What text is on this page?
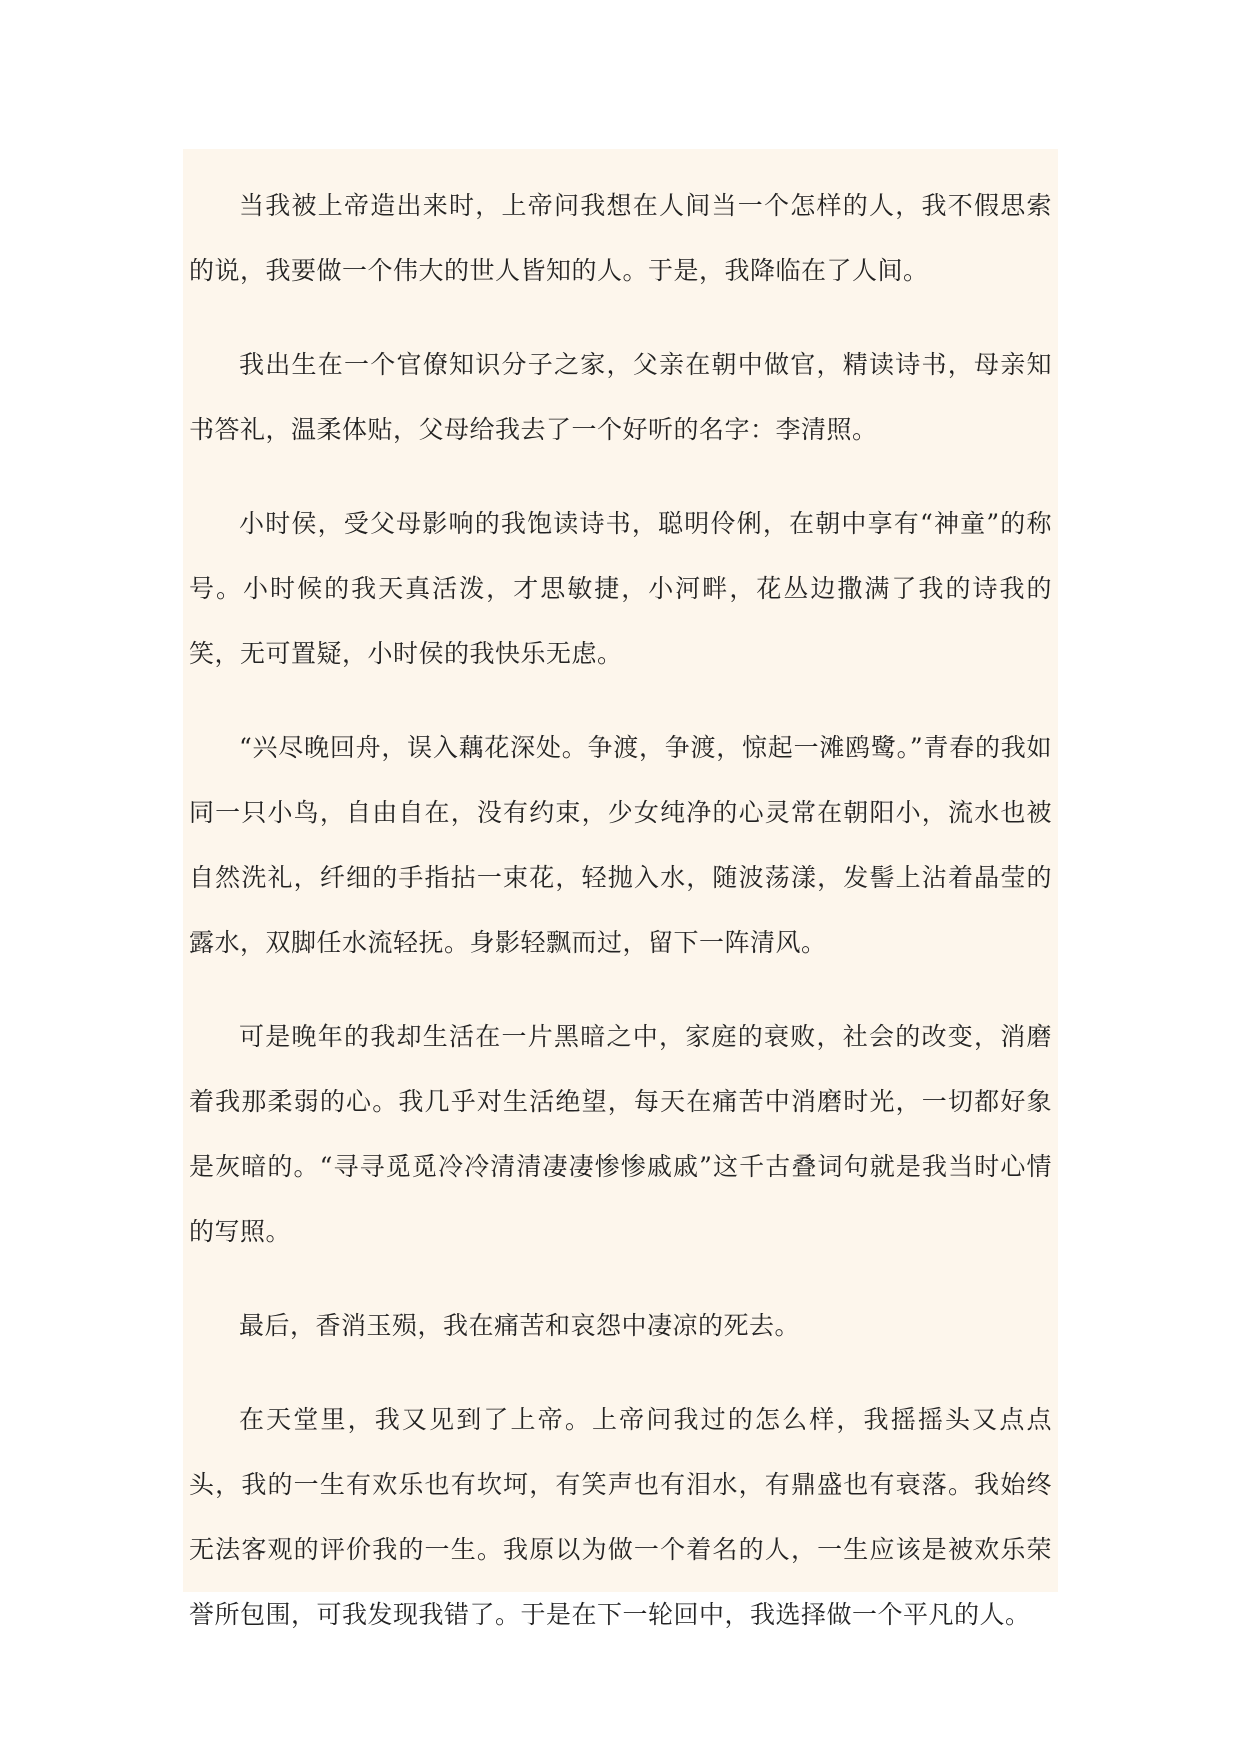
当我被上帝造出来时，上帝问我想在人间当一个怎样的人，我不假思索的说，我要做一个伟大的世人皆知的人。于是，我降临在了人间。

我出生在一个官僚知识分子之家，父亲在朝中做官，精读诗书，母亲知书答礼，温柔体贴，父母给我去了一个好听的名字：李清照。

小时侯，受父母影响的我饱读诗书，聪明伶俐，在朝中享有“神童”的称号。小时候的我天真活泼，才思敏捷，小河畔，花丛边撒满了我的诗我的笑，无可置疑，小时侯的我快乐无虑。

“兴尽晚回舟，误入藕花深处。争渡，争渡，惊起一滩鸥鹭。”青春的我如同一只小鸟，自由自在，没有约束，少女纯净的心灵常在朝阳小，流水也被自然洗礼，纤细的手指拈一束花，轻抛入水，随波荡漾，发髻上沾着晶莹的露水，双脚任水流轻抚。身影轻飘而过，留下一阵清风。

可是晚年的我却生活在一片黑暗之中，家庭的衰败，社会的改变，消磨着我那柔弱的心。我几乎对生活绝望，每天在痛苦中消磨时光，一切都好象是灰暗的。“寻寻觅觅冷冷清清凄凄惨惨戚戚”这千古叠词句就是我当时心情的写照。

最后，香消玉殒，我在痛苦和哀怨中凄凉的死去。

在天堂里，我又见到了上帝。上帝问我过的怎么样，我摇摇头又点点头，我的一生有欢乐也有坎坷，有笑声也有泪水，有鼎盛也有衰落。我始终无法客观的评价我的一生。我原以为做一个着名的人，一生应该是被欢乐荣誉所包围，可我发现我错了。于是在下一轮回中，我选择做一个平凡的人。
